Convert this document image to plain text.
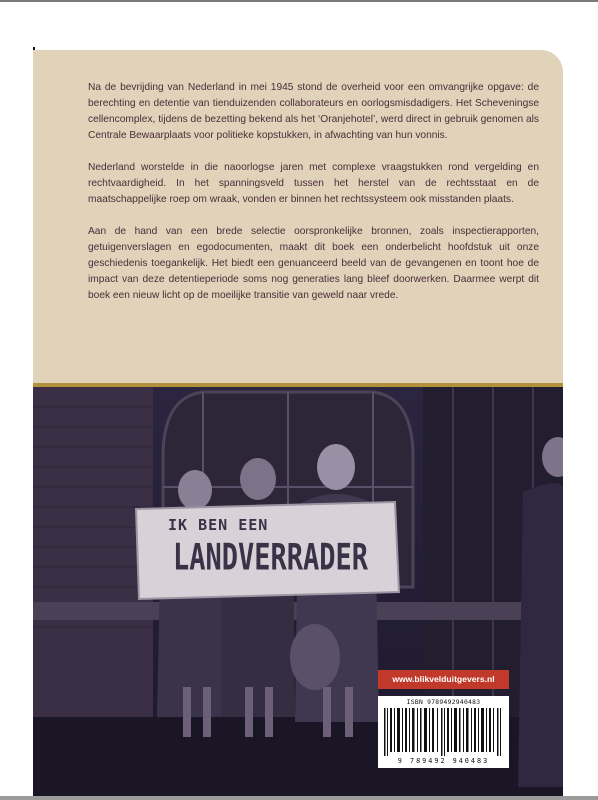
Na de bevrijding van Nederland in mei 1945 stond de overheid voor een omvangrijke opgave: de berechting en detentie van tienduizenden collaborateurs en oorlogsmisdadigers. Het Scheveningse cellencomplex, tijdens de bezetting bekend als het ‘Oranjehotel’, werd direct in gebruik genomen als Centrale Bewaarplaats voor politieke kopstukken, in afwachting van hun vonnis.

Nederland worstelde in die naoorlogse jaren met complexe vraagstukken rond vergelding en rechtvaardigheid. In het spanningsveld tussen het herstel van de rechtsstaat en de maatschappelijke roep om wraak, vonden er binnen het rechtssysteem ook misstanden plaats.

Aan de hand van een brede selectie oorspronkelijke bronnen, zoals inspectierapporten, getuigenverslagen en egodocumenten, maakt dit boek een onderbelicht hoofdstuk uit onze geschiedenis toegankelijk. Het biedt een genuanceerd beeld van de gevangenen en toont hoe de impact van deze detentieperiode soms nog generaties lang bleef doorwerken. Daarmee werpt dit boek een nieuw licht op de moeilijke transitie van geweld naar vrede.

IK BEN EEN
LANDVERRADER
www.blikvelduitgevers.nl
ISBN 9789492940483
9 789492 940483
